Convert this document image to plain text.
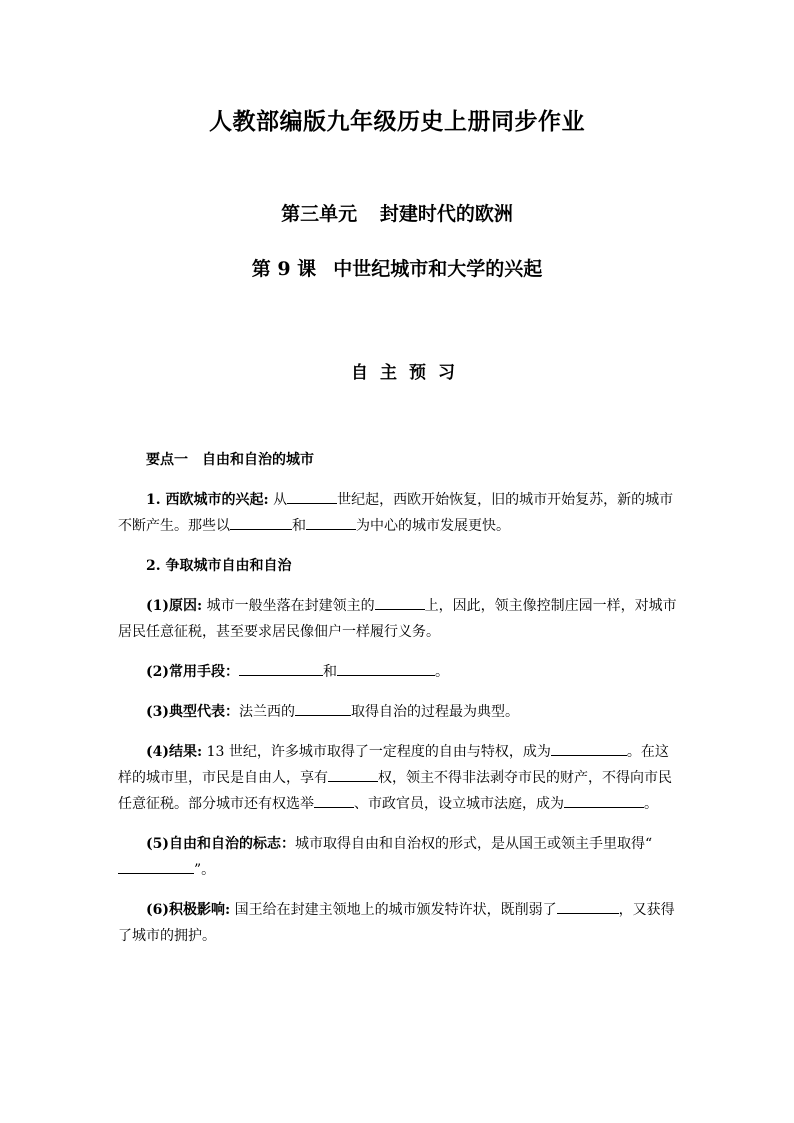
人教部编版九年级历史上册同步作业
第三单元 封建时代的欧洲
第 9 课 中世纪城市和大学的兴起
自主预习

要点一　自由和自治的城市

1. 西欧城市的兴起: 从	世纪起，西欧开始恢复，旧的城市开始复苏，新的城市不断产生。那些以	和	为中心的城市发展更快。

2. 争取城市自由和自治

(1)原因: 城市一般坐落在封建领主的	上，因此，领主像控制庄园一样，对城市居民任意征税，甚至要求居民像佃户一样履行义务。

(2)常用手段：	和	。

(3)典型代表：法兰西的	取得自治的过程最为典型。

(4)结果: 13 世纪，许多城市取得了一定程度的自由与特权，成为	。在这样的城市里，市民是自由人，享有	权，领主不得非法剥夺市民的财产，不得向市民任意征税。部分城市还有权选举	、市政官员，设立城市法庭，成为	。

(5)自由和自治的标志：城市取得自由和自治权的形式，是从国王或领主手里取得“”。

(6)积极影响: 国王给在封建主领地上的城市颁发特许状，既削弱了	，又获得了城市的拥护。
